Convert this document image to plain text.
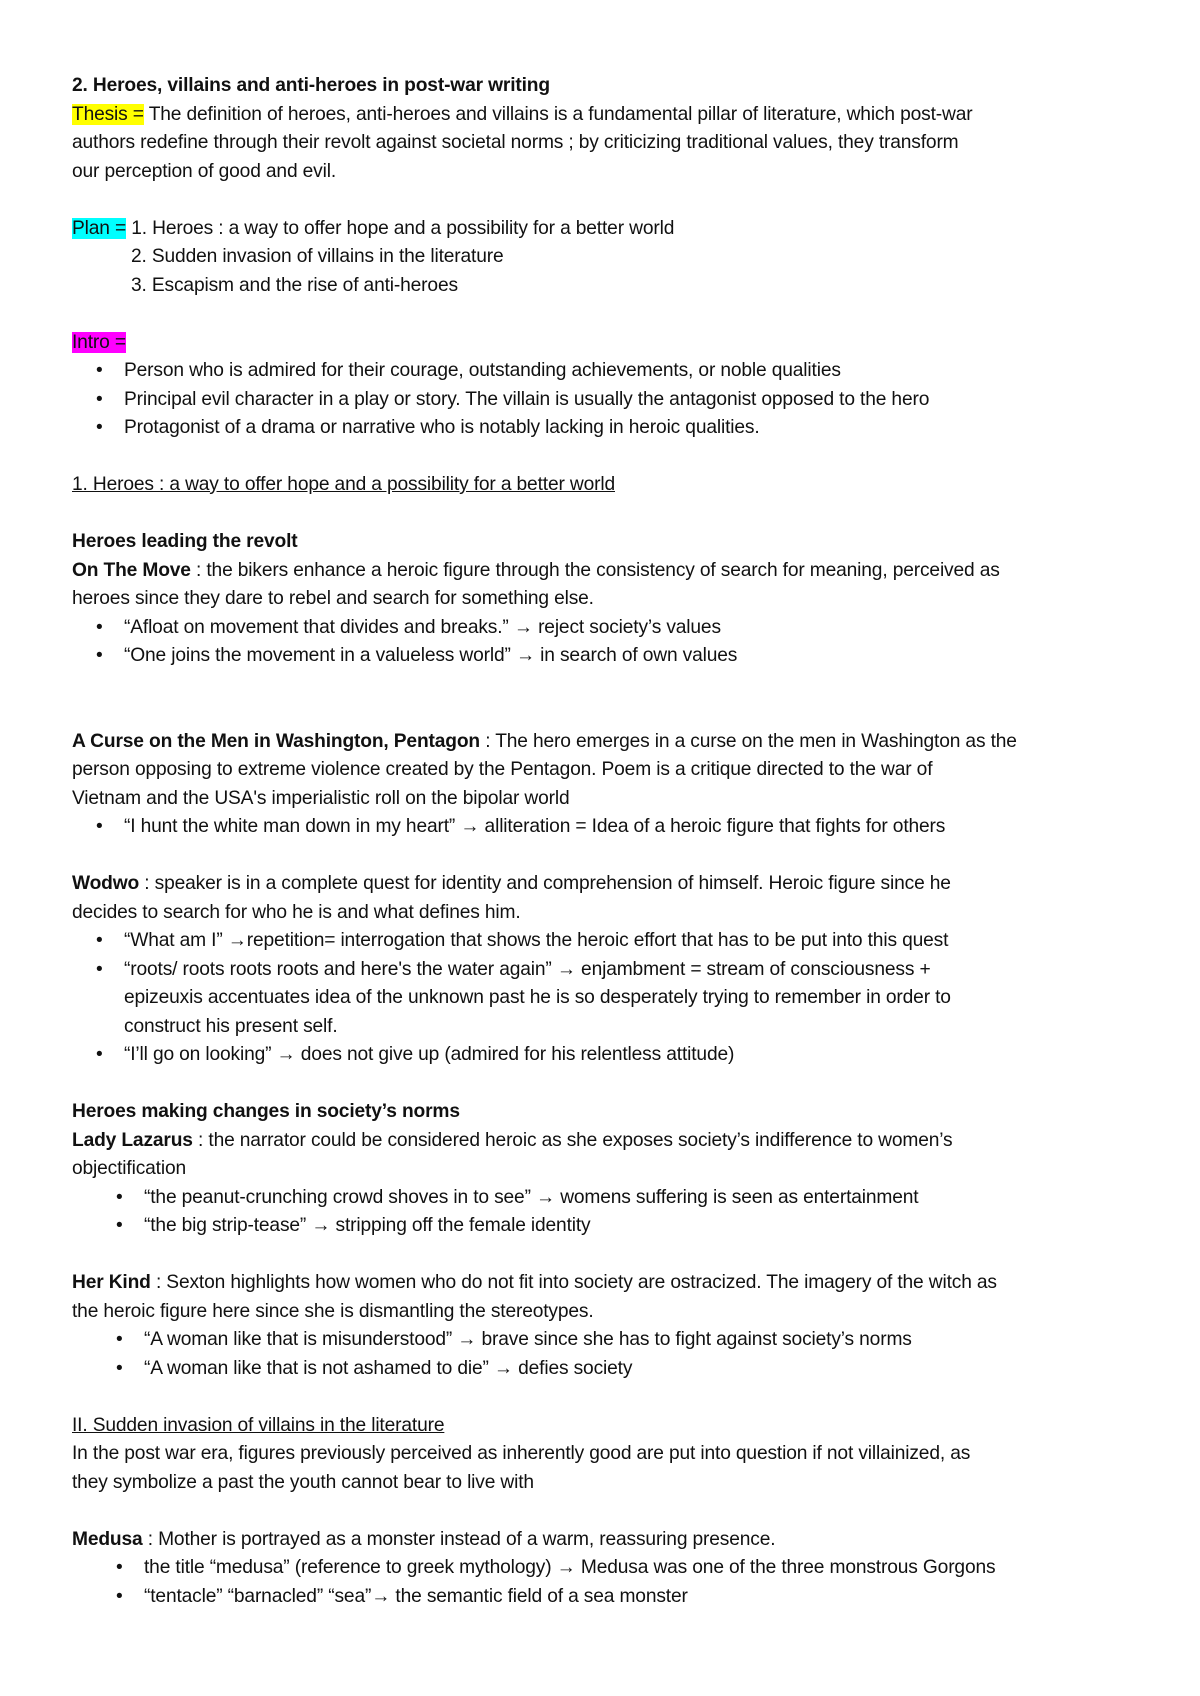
2. Heroes, villains and anti-heroes in post-war writing
Thesis = The definition of heroes, anti-heroes and villains is a fundamental pillar of literature, which post-war
authors redefine through their revolt against societal norms ; by criticizing traditional values, they transform
our perception of good and evil.
Plan = 1. Heroes : a way to offer hope and a possibility for a better world
2. Sudden invasion of villains in the literature
3. Escapism and the rise of anti-heroes
Intro =
• Person who is admired for their courage, outstanding achievements, or noble qualities
• Principal evil character in a play or story. The villain is usually the antagonist opposed to the hero
• Protagonist of a drama or narrative who is notably lacking in heroic qualities.
1. Heroes : a way to offer hope and a possibility for a better world
Heroes leading the revolt
On The Move : the bikers enhance a heroic figure through the consistency of search for meaning, perceived as
heroes since they dare to rebel and search for something else.
• “Afloat on movement that divides and breaks.” → reject society’s values
• “One joins the movement in a valueless world” → in search of own values
A Curse on the Men in Washington, Pentagon : The hero emerges in a curse on the men in Washington as the
person opposing to extreme violence created by the Pentagon. Poem is a critique directed to the war of
Vietnam and the USA's imperialistic roll on the bipolar world
• “I hunt the white man down in my heart” → alliteration = Idea of a heroic figure that fights for others
Wodwo : speaker is in a complete quest for identity and comprehension of himself. Heroic figure since he
decides to search for who he is and what defines him.
• “What am I” →repetition= interrogation that shows the heroic effort that has to be put into this quest
• “roots/ roots roots roots and here's the water again” → enjambment = stream of consciousness +
epizeuxis accentuates idea of the unknown past he is so desperately trying to remember in order to
construct his present self.
• “I’ll go on looking” → does not give up (admired for his relentless attitude)
Heroes making changes in society’s norms
Lady Lazarus : the narrator could be considered heroic as she exposes society’s indifference to women’s
objectification
• “the peanut-crunching crowd shoves in to see” → womens suffering is seen as entertainment
• “the big strip-tease” → stripping off the female identity
Her Kind : Sexton highlights how women who do not fit into society are ostracized. The imagery of the witch as
the heroic figure here since she is dismantling the stereotypes.
• “A woman like that is misunderstood” → brave since she has to fight against society’s norms
• “A woman like that is not ashamed to die” → defies society
II. Sudden invasion of villains in the literature
In the post war era, figures previously perceived as inherently good are put into question if not villainized, as
they symbolize a past the youth cannot bear to live with
Medusa : Mother is portrayed as a monster instead of a warm, reassuring presence.
• the title “medusa” (reference to greek mythology) → Medusa was one of the three monstrous Gorgons
• “tentacle” “barnacled” “sea”→ the semantic field of a sea monster
